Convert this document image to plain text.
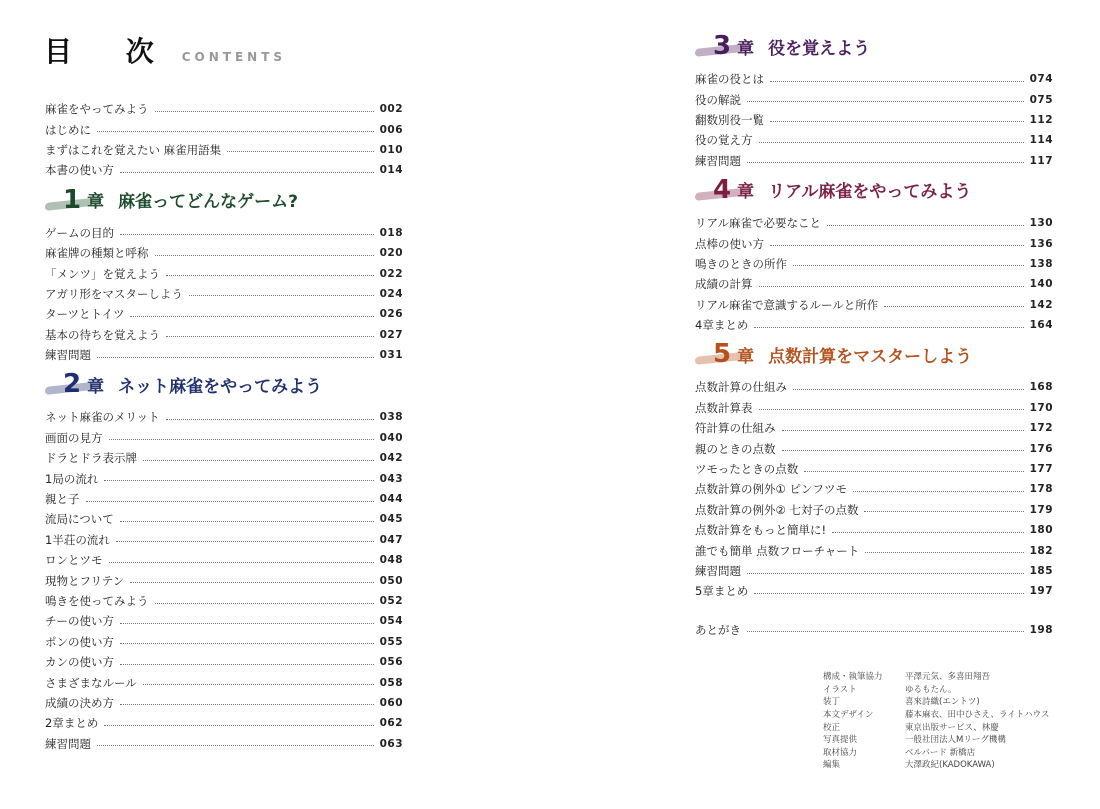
目 次 CONTENTS
麻雀をやってみよう	002
はじめに	006
まずはこれを覚えたい 麻雀用語集	010
本書の使い方	014
1 章 麻雀ってどんなゲーム?
ゲームの目的	018
麻雀牌の種類と呼称	020
「メンツ」を覚えよう	022
アガリ形をマスターしよう	024
ターツとトイツ	026
基本の待ちを覚えよう	027
練習問題	031
2 章 ネット麻雀をやってみよう
ネット麻雀のメリット	038
画面の見方	040
ドラとドラ表示牌	042
1局の流れ	043
親と子	044
流局について	045
1半荘の流れ	047
ロンとツモ	048
現物とフリテン	050
鳴きを使ってみよう	052
チーの使い方	054
ポンの使い方	055
カンの使い方	056
さまざまなルール	058
成績の決め方	060
2章まとめ	062
練習問題	063
3 章 役を覚えよう
麻雀の役とは	074
役の解説	075
翻数別役一覧	112
役の覚え方	114
練習問題	117
4 章 リアル麻雀をやってみよう
リアル麻雀で必要なこと	130
点棒の使い方	136
鳴きのときの所作	138
成績の計算	140
リアル麻雀で意識するルールと所作	142
4章まとめ	164
5 章 点数計算をマスターしよう
点数計算の仕組み	168
点数計算表	170
符計算の仕組み	172
親のときの点数	176
ツモったときの点数	177
点数計算の例外① ピンフツモ	178
点数計算の例外② 七対子の点数	179
点数計算をもっと簡単に!	180
誰でも簡単 点数フローチャート	182
練習問題	185
5章まとめ	197
あとがき	198
構成・執筆協力	平澤元気、多喜田翔吾
イラスト	ゆるもたん。
装丁	喜來詩織(エントツ)
本文デザイン	藤本麻衣、田中ひさえ、ライトハウス
校正	東京出版サービス、林慶
写真提供	一般社団法人Mリーグ機構
取材協力	ベルバード 新橋店
編集	大澤政紀(KADOKAWA)
